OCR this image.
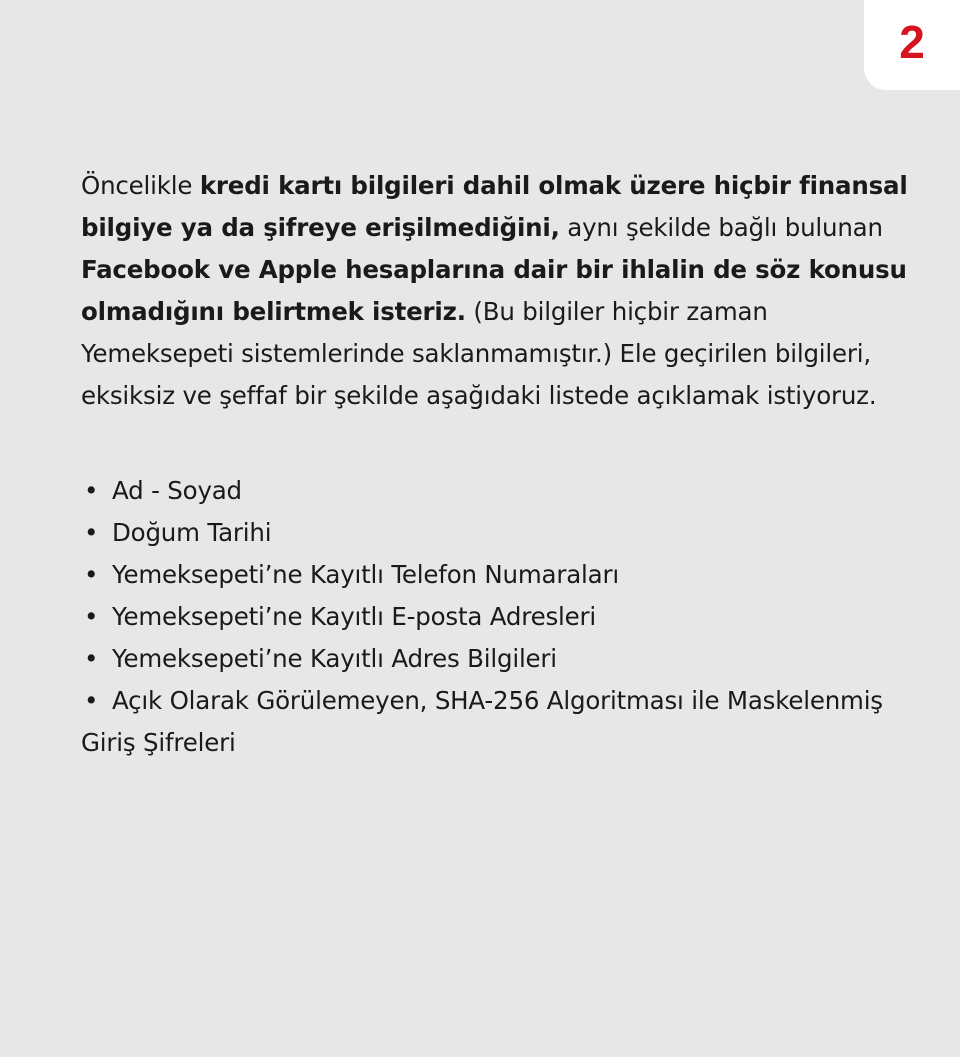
2

Öncelikle kredi kartı bilgileri dahil olmak üzere hiçbir finansal bilgiye ya da şifreye erişilmediğini, aynı şekilde bağlı bulunan Facebook ve Apple hesaplarına dair bir ihlalin de söz konusu olmadığını belirtmek isteriz. (Bu bilgiler hiçbir zaman Yemeksepeti sistemlerinde saklanmamıştır.) Ele geçirilen bilgileri, eksiksiz ve şeffaf bir şekilde aşağıdaki listede açıklamak istiyoruz.

• Ad - Soyad
• Doğum Tarihi
• Yemeksepeti’ne Kayıtlı Telefon Numaraları
• Yemeksepeti’ne Kayıtlı E-posta Adresleri
• Yemeksepeti’ne Kayıtlı Adres Bilgileri
• Açık Olarak Görülemeyen, SHA-256 Algoritması ile Maskelenmiş Giriş Şifreleri
